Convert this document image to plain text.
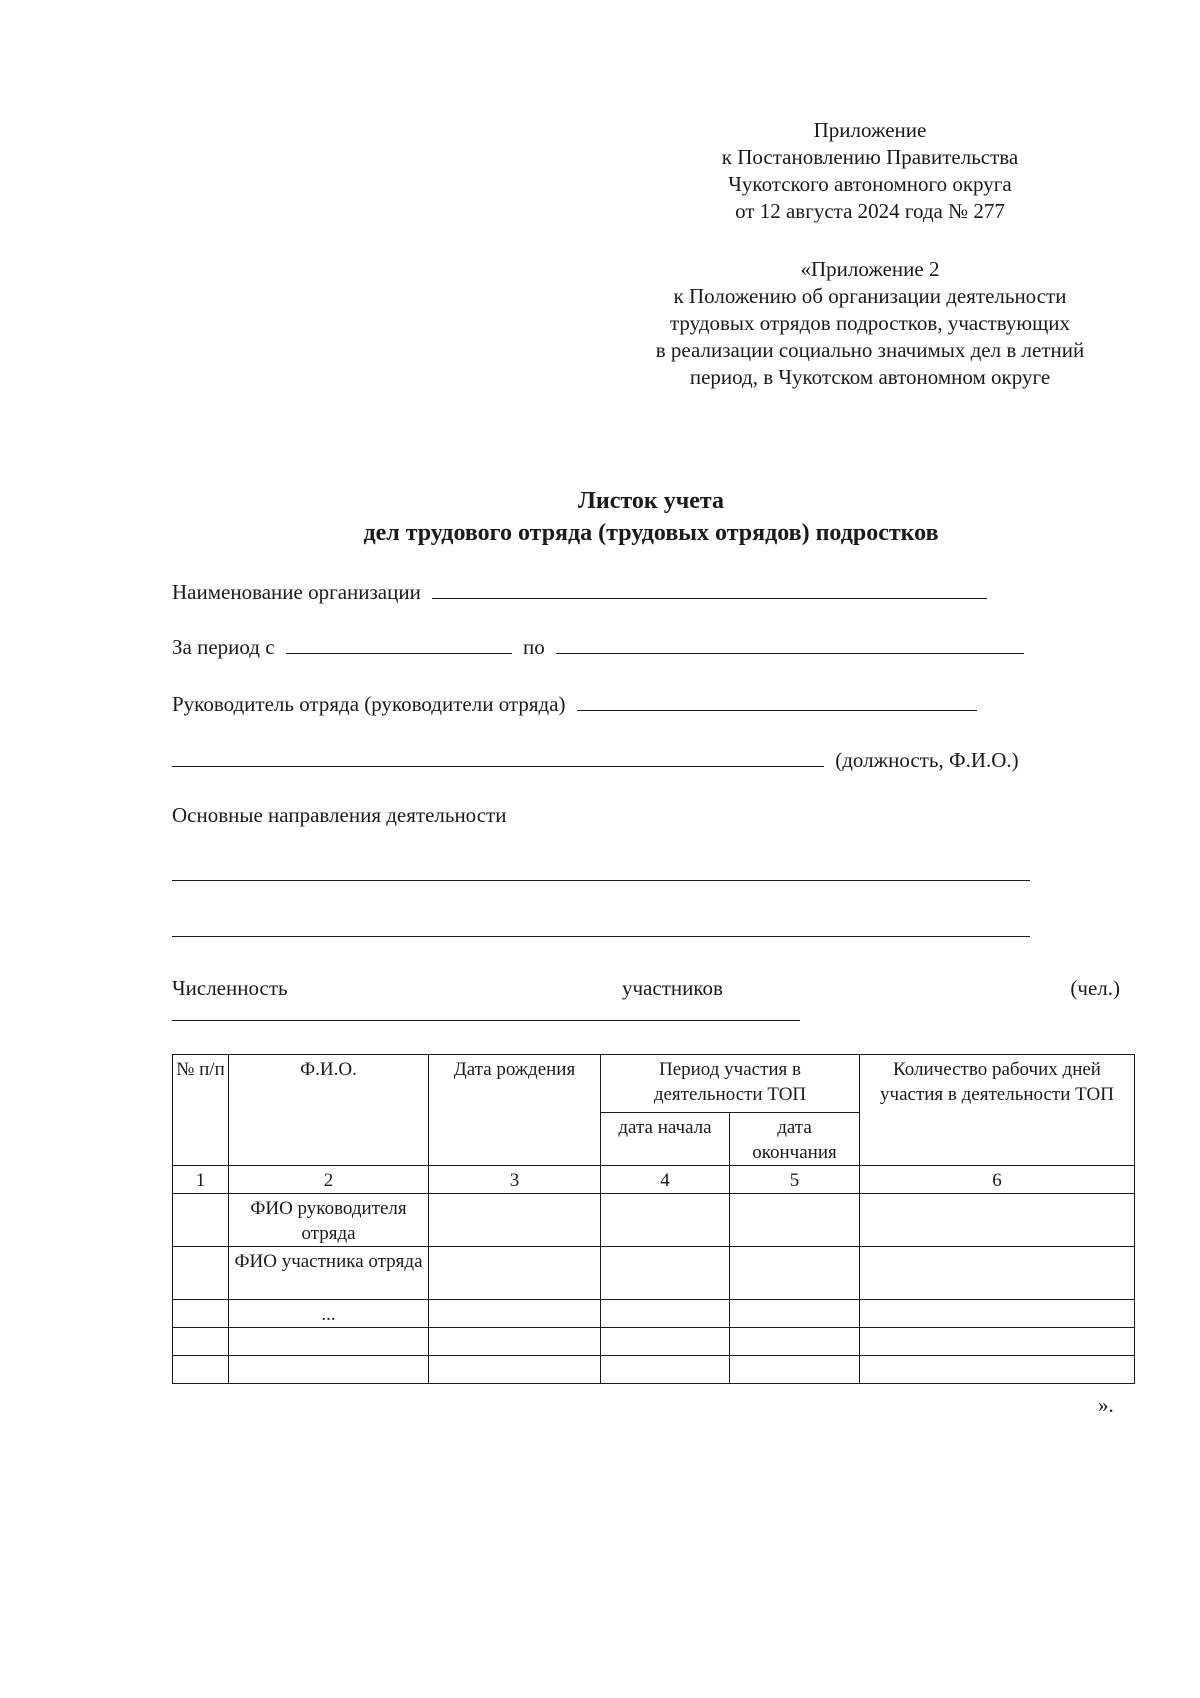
Приложение
к Постановлению Правительства
Чукотского автономного округа
от 12 августа 2024 года № 277
«Приложение 2
к Положению об организации деятельности
трудовых отрядов подростков, участвующих
в реализации социально значимых дел в летний
период, в Чукотском автономном округе
Листок учета
дел трудового отряда (трудовых отрядов) подростков
Наименование организации
За период с	по
Руководитель отряда (руководители отряда)
(должность, Ф.И.О.)
Основные направления деятельности
Численность	участников	(чел.)
№ п/п	Ф.И.О.	Дата рождения	Период участия в деятельности ТОП		Количество рабочих дней участия в деятельности ТОП
			дата начала	дата окончания	
1	2	3	4	5	6
	ФИО руководителя отряда				
	ФИО участника отряда				
	...				

».
